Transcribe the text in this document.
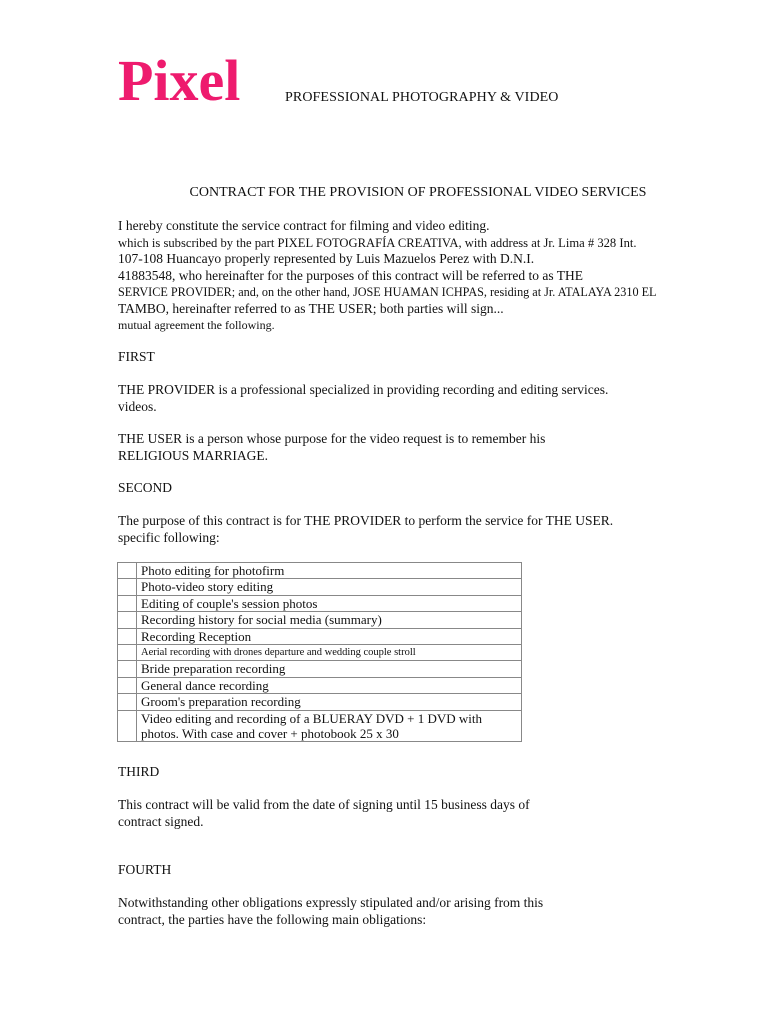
Pixel	PROFESSIONAL PHOTOGRAPHY & VIDEO
CONTRACT FOR THE PROVISION OF PROFESSIONAL VIDEO SERVICES
I hereby constitute the service contract for filming and video editing.
which is subscribed by the part PIXEL FOTOGRAFÍA CREATIVA, with address at Jr. Lima # 328 Int.
107-108 Huancayo properly represented by Luis Mazuelos Perez with D.N.I.
41883548, who hereinafter for the purposes of this contract will be referred to as THE
SERVICE PROVIDER; and, on the other hand, JOSE HUAMAN ICHPAS, residing at Jr. ATALAYA 2310 EL
TAMBO, hereinafter referred to as THE USER; both parties will sign...
mutual agreement the following.
FIRST
THE PROVIDER is a professional specialized in providing recording and editing services.
videos.
THE USER is a person whose purpose for the video request is to remember his
RELIGIOUS MARRIAGE.
SECOND
The purpose of this contract is for THE PROVIDER to perform the service for THE USER.
specific following:
	Photo editing for photofirm
	Photo-video story editing
	Editing of couple's session photos
	Recording history for social media (summary)
	Recording Reception
	Aerial recording with drones departure and wedding couple stroll
	Bride preparation recording
	General dance recording
	Groom's preparation recording

	Video editing and recording of a BLUERAY DVD + 1 DVD with
photos. With case and cover + photobook 25 x 30
THIRD
This contract will be valid from the date of signing until 15 business days of
contract signed.
FOURTH
Notwithstanding other obligations expressly stipulated and/or arising from this
contract, the parties have the following main obligations:
